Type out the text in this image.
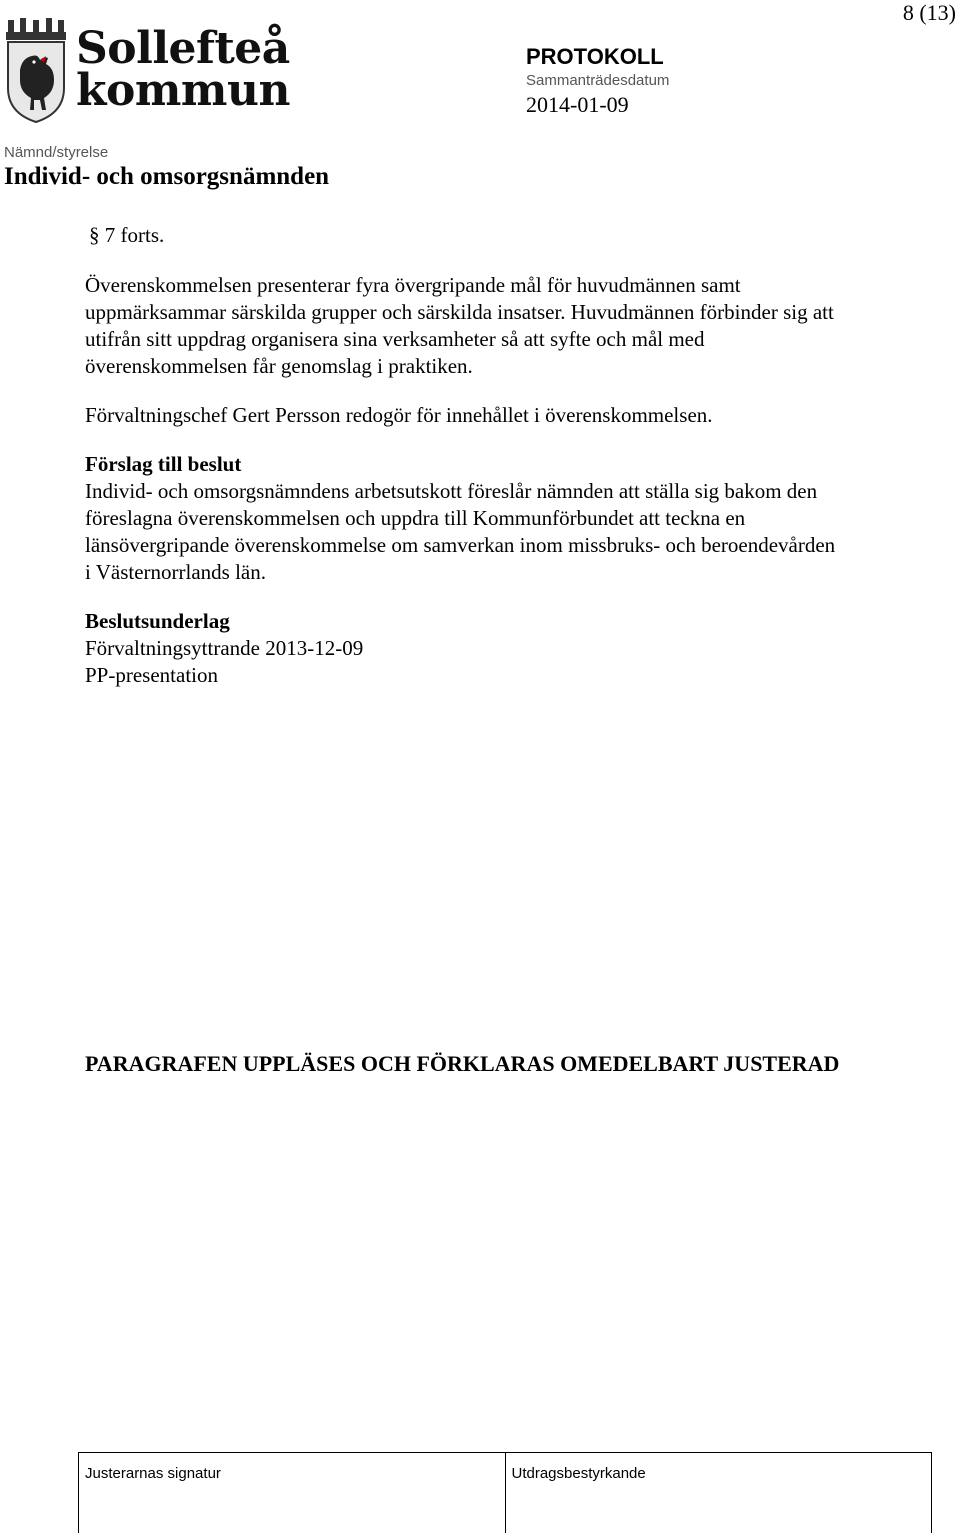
8 (13)
Sollefteå
kommun
PROTOKOLL
Sammanträdesdatum
2014-01-09
Nämnd/styrelse
Individ- och omsorgsnämnden

§ 7 forts.

Överenskommelsen presenterar fyra övergripande mål för huvudmännen samt
uppmärksammar särskilda grupper och särskilda insatser. Huvudmännen förbinder sig att
utifrån sitt uppdrag organisera sina verksamheter så att syfte och mål med
överenskommelsen får genomslag i praktiken.

Förvaltningschef Gert Persson redogör för innehållet i överenskommelsen.

Förslag till beslut

Individ- och omsorgsnämndens arbetsutskott föreslår nämnden att ställa sig bakom den
föreslagna överenskommelsen och uppdra till Kommunförbundet att teckna en
länsövergripande överenskommelse om samverkan inom missbruks- och beroendevården
i Västernorrlands län.

Beslutsunderlag

Förvaltningsyttrande 2013-12-09
PP-presentation

PARAGRAFEN UPPLÄSES OCH FÖRKLARAS OMEDELBART JUSTERAD
Justerarnas signatur	Utdragsbestyrkande
